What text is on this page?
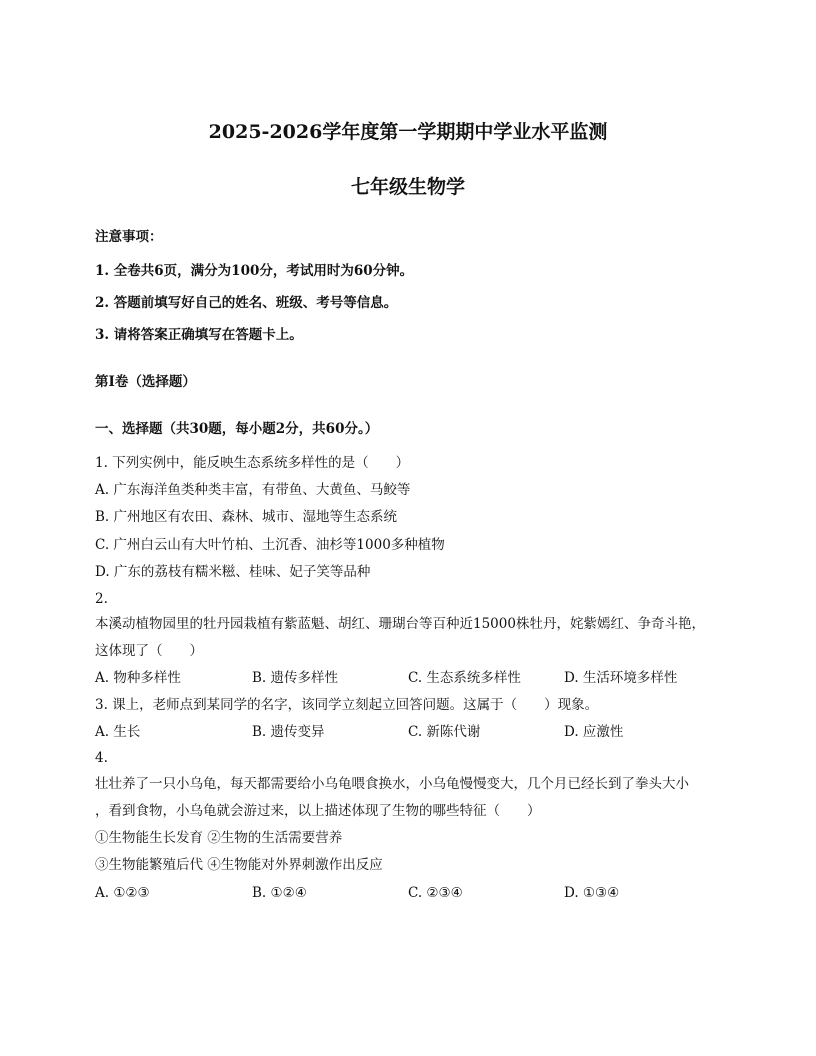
2025-2026学年度第一学期期中学业水平监测
七年级生物学
注意事项：
1. 全卷共6页，满分为100分，考试用时为60分钟。
2. 答题前填写好自己的姓名、班级、考号等信息。
3. 请将答案正确填写在答题卡上。
第Ⅰ卷（选择题）
一、选择题（共30题，每小题2分，共60分。）
1. 下列实例中，能反映生态系统多样性的是（　　）
A. 广东海洋鱼类种类丰富，有带鱼、大黄鱼、马鲛等
B. 广州地区有农田、森林、城市、湿地等生态系统
C. 广州白云山有大叶竹柏、土沉香、油杉等1000多种植物
D. 广东的荔枝有糯米糍、桂味、妃子笑等品种
2.
本溪动植物园里的牡丹园栽植有紫蓝魁、胡红、珊瑚台等百种近15000株牡丹，姹紫嫣红、争奇斗艳，
这体现了（　　）
A. 物种多样性	B. 遗传多样性	C. 生态系统多样性	D. 生活环境多样性
3. 课上，老师点到某同学的名字，该同学立刻起立回答问题。这属于（　　）现象。
A. 生长	B. 遗传变异	C. 新陈代谢	D. 应激性
4.
壮壮养了一只小乌龟，每天都需要给小乌龟喂食换水，小乌龟慢慢变大，几个月已经长到了拳头大小
，看到食物，小乌龟就会游过来，以上描述体现了生物的哪些特征（　　）
①生物能生长发育 ②生物的生活需要营养
③生物能繁殖后代 ④生物能对外界刺激作出反应
A. ①②③	B. ①②④	C. ②③④	D. ①③④
